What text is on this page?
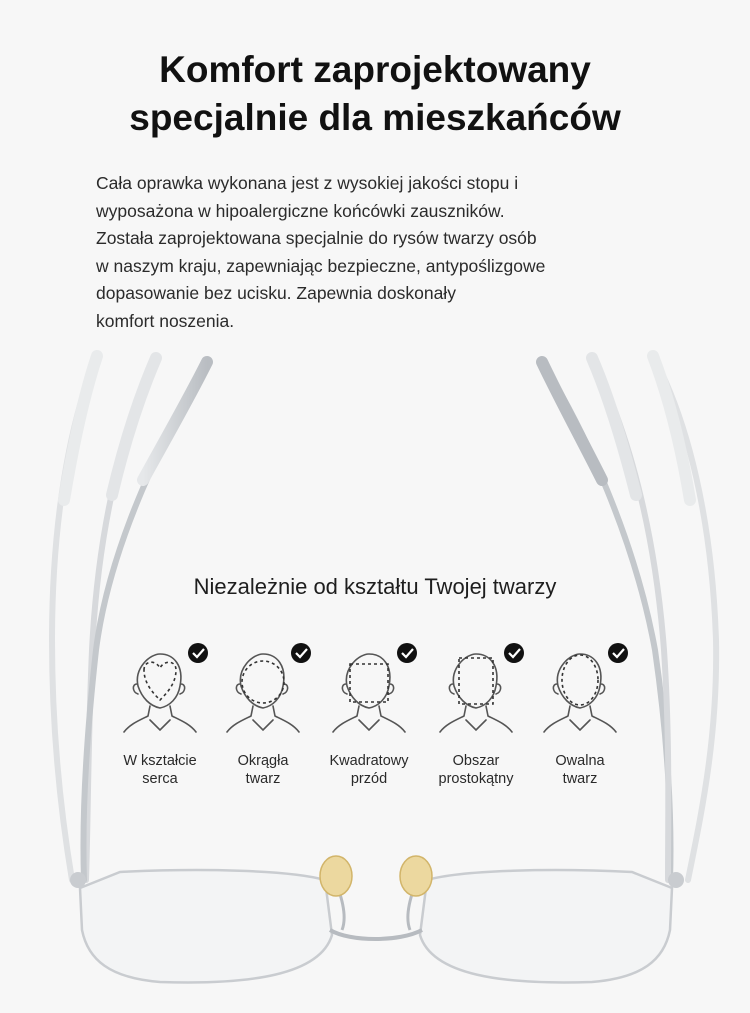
Komfort zaprojektowany
specjalnie dla mieszkańców
Cała oprawka wykonana jest z wysokiej jakości stopu i
wyposażona w hipoalergiczne końcówki zauszników.
Została zaprojektowana specjalnie do rysów twarzy osób
w naszym kraju, zapewniając bezpieczne, antypoślizgowe
dopasowanie bez ucisku. Zapewnia doskonały
komfort noszenia.
Niezależnie od kształtu Twojej twarzy
W kształcie
serca
Okrągła
twarz
Kwadratowy
przód
Obszar
prostokątny
Owalna
twarz
